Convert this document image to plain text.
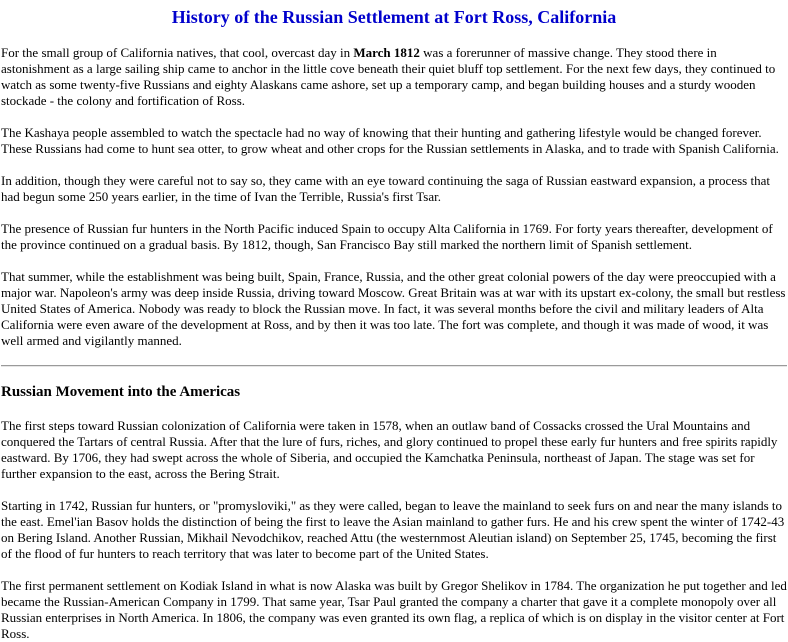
History of the Russian Settlement at Fort Ross, California

For the small group of California natives, that cool, overcast day in March 1812 was a forerunner of massive change. They stood there in astonishment as a large sailing ship came to anchor in the little cove beneath their quiet bluff top settlement. For the next few days, they continued to watch as some twenty-five Russians and eighty Alaskans came ashore, set up a temporary camp, and began building houses and a sturdy wooden stockade - the colony and fortification of Ross.

The Kashaya people assembled to watch the spectacle had no way of knowing that their hunting and gathering lifestyle would be changed forever. These Russians had come to hunt sea otter, to grow wheat and other crops for the Russian settlements in Alaska, and to trade with Spanish California.

In addition, though they were careful not to say so, they came with an eye toward continuing the saga of Russian eastward expansion, a process that had begun some 250 years earlier, in the time of Ivan the Terrible, Russia's first Tsar.

The presence of Russian fur hunters in the North Pacific induced Spain to occupy Alta California in 1769. For forty years thereafter, development of the province continued on a gradual basis. By 1812, though, San Francisco Bay still marked the northern limit of Spanish settlement.

That summer, while the establishment was being built, Spain, France, Russia, and the other great colonial powers of the day were preoccupied with a major war. Napoleon's army was deep inside Russia, driving toward Moscow. Great Britain was at war with its upstart ex-colony, the small but restless United States of America. Nobody was ready to block the Russian move. In fact, it was several months before the civil and military leaders of Alta California were even aware of the development at Ross, and by then it was too late. The fort was complete, and though it was made of wood, it was well armed and vigilantly manned.

Russian Movement into the Americas

The first steps toward Russian colonization of California were taken in 1578, when an outlaw band of Cossacks crossed the Ural Mountains and conquered the Tartars of central Russia. After that the lure of furs, riches, and glory continued to propel these early fur hunters and free spirits rapidly eastward. By 1706, they had swept across the whole of Siberia, and occupied the Kamchatka Peninsula, northeast of Japan. The stage was set for further expansion to the east, across the Bering Strait.

Starting in 1742, Russian fur hunters, or "promysloviki," as they were called, began to leave the mainland to seek furs on and near the many islands to the east. Emel'ian Basov holds the distinction of being the first to leave the Asian mainland to gather furs. He and his crew spent the winter of 1742-43 on Bering Island. Another Russian, Mikhail Nevodchikov, reached Attu (the westernmost Aleutian island) on September 25, 1745, becoming the first of the flood of fur hunters to reach territory that was later to become part of the United States.

The first permanent settlement on Kodiak Island in what is now Alaska was built by Gregor Shelikov in 1784. The organization he put together and led became the Russian-American Company in 1799. That same year, Tsar Paul granted the company a charter that gave it a complete monopoly over all Russian enterprises in North America. In 1806, the company was even granted its own flag, a replica of which is on display in the visitor center at Fort Ross.
